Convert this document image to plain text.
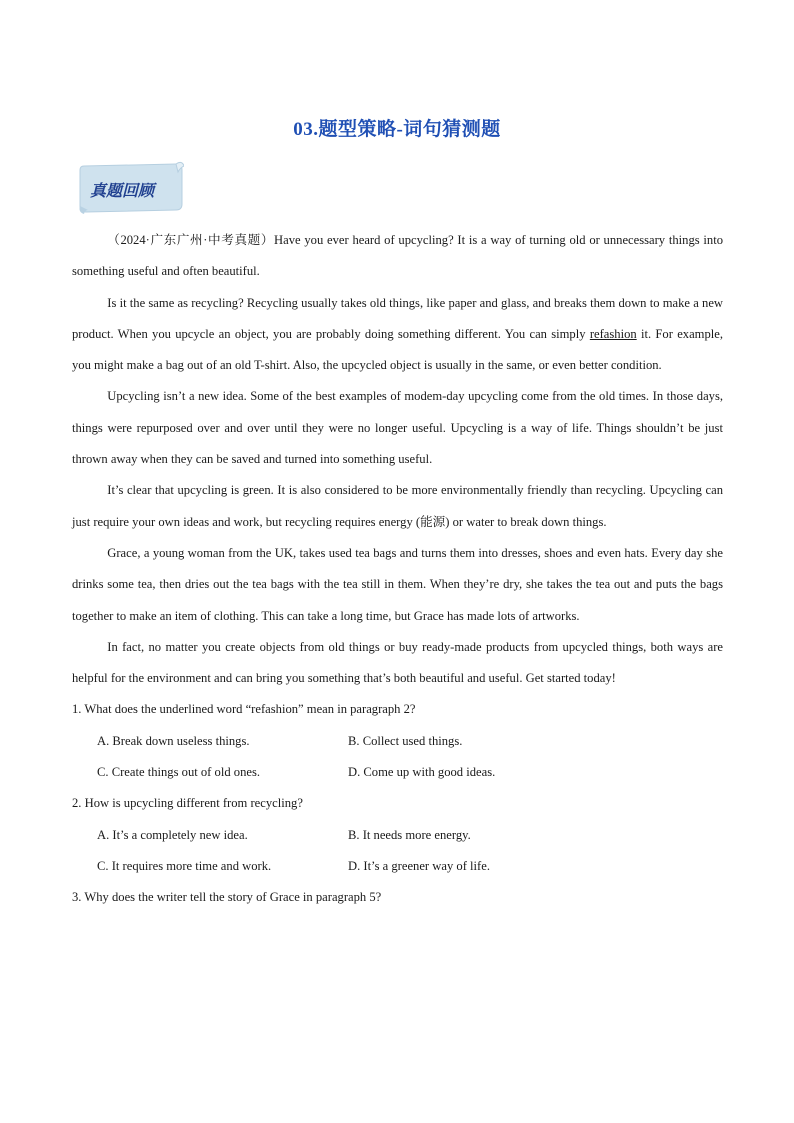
03.题型策略-词句猜测题
真题回顾

（2024·广东广州·中考真题）Have you ever heard of upcycling? It is a way of turning old or unnecessary things into something useful and often beautiful.

Is it the same as recycling? Recycling usually takes old things, like paper and glass, and breaks them down to make a new product. When you upcycle an object, you are probably doing something different. You can simply refashion it. For example, you might make a bag out of an old T-shirt. Also, the upcycled object is usually in the same, or even better condition.

Upcycling isn’t a new idea. Some of the best examples of modem-day upcycling come from the old times. In those days, things were repurposed over and over until they were no longer useful. Upcycling is a way of life. Things shouldn’t be just thrown away when they can be saved and turned into something useful.

It’s clear that upcycling is green. It is also considered to be more environmentally friendly than recycling. Upcycling can just require your own ideas and work, but recycling requires energy (能源) or water to break down things.

Grace, a young woman from the UK, takes used tea bags and turns them into dresses, shoes and even hats. Every day she drinks some tea, then dries out the tea bags with the tea still in them. When they’re dry, she takes the tea out and puts the bags together to make an item of clothing. This can take a long time, but Grace has made lots of artworks.

In fact, no matter you create objects from old things or buy ready-made products from upcycled things, both ways are helpful for the environment and can bring you something that’s both beautiful and useful. Get started today!

1. What does the underlined word “refashion” mean in paragraph 2?

A. Break down useless things.	B. Collect used things.
C. Create things out of old ones.	D. Come up with good ideas.

2. How is upcycling different from recycling?

A. It’s a completely new idea.	B. It needs more energy.
C. It requires more time and work.	D. It’s a greener way of life.

3. Why does the writer tell the story of Grace in paragraph 5?
